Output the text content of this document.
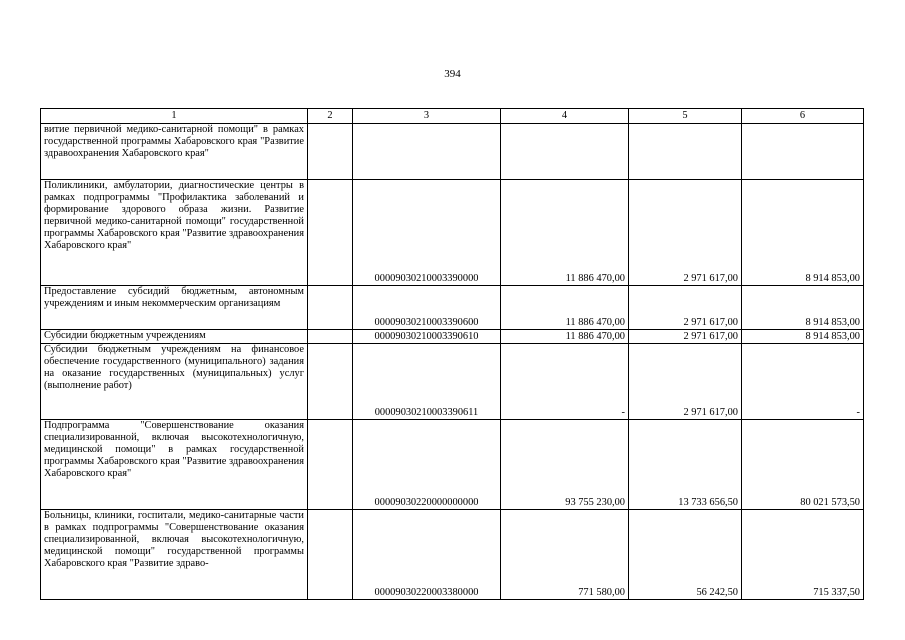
394
1	2	3	4	5	6
витие первичной медико-санитарной помощи" в рамках государственной программы Хабаровского края "Развитие здравоохранения Хабаровского края"					
Поликлиники, амбулатории, диагностические центры в рамках подпрограммы "Профилактика заболеваний и формирование здорового образа жизни. Развитие первичной медико-санитарной помощи" государственной программы Хабаровского края "Развитие здравоохранения Хабаровского края"		00009030210003390000	11 886 470,00	2 971 617,00	8 914 853,00
Предоставление субсидий бюджетным, автономным учреждениям и иным некоммерческим организациям		00009030210003390600	11 886 470,00	2 971 617,00	8 914 853,00
Субсидии бюджетным учреждениям		00009030210003390610	11 886 470,00	2 971 617,00	8 914 853,00
Субсидии бюджетным учреждениям на финансовое обеспечение государственного (муниципального) задания на оказание государственных (муниципальных) услуг (выполнение работ)		00009030210003390611	-	2 971 617,00	-
Подпрограмма "Совершенствование оказания специализированной, включая высокотехнологичную, медицинской помощи" в рамках государственной программы Хабаровского края "Развитие здравоохранения Хабаровского края"		00009030220000000000	93 755 230,00	13 733 656,50	80 021 573,50
Больницы, клиники, госпитали, медико-санитарные части в рамках подпрограммы "Совершенствование оказания специализированной, включая высокотехнологичную, медицинской помощи" государственной программы Хабаровского края "Развитие здраво-		00009030220003380000	771 580,00	56 242,50	715 337,50
